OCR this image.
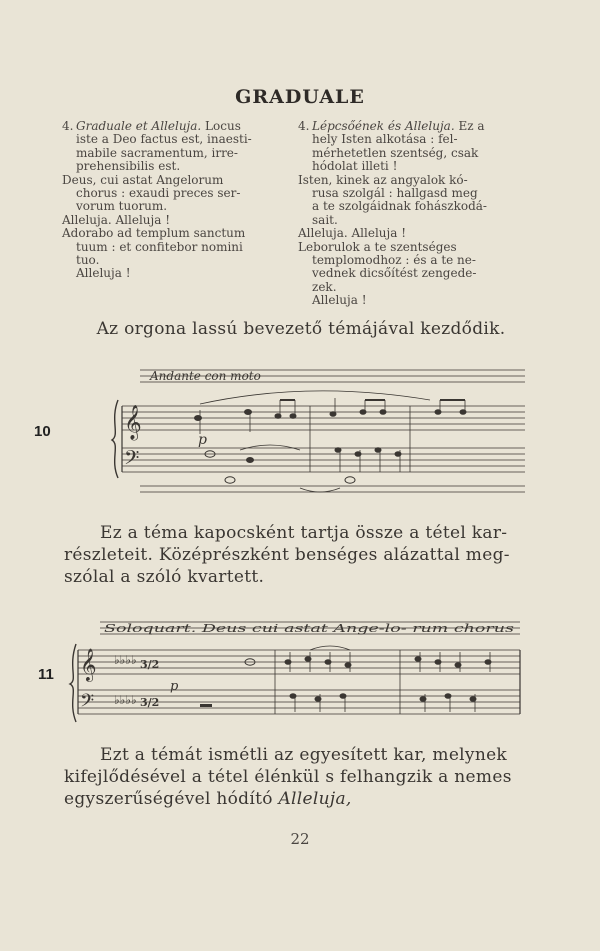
GRADUALE
4. Graduale et Alleluja. Locus
iste a Deo factus est, inaesti-
mabile sacramentum, irre-
prehensibilis est.
Deus, cui astat Angelorum
chorus : exaudi preces ser-
vorum tuorum.
Alleluja. Alleluja !
Adorabo ad templum sanctum
tuum : et confitebor nomini
tuo.
Alleluja !
4. Lépcsőének és Alleluja. Ez a
hely Isten alkotása : fel-
mérhetetlen szentség, csak
hódolat illeti !
Isten, kinek az angyalok kó-
rusa szolgál : hallgasd meg
a te szolgáidnak fohászkodá-
sait.
Alleluja. Alleluja !
Leborulok a te szentséges
templomodhoz : és a te ne-
vednek dicsőítést zengede-
zek.
Alleluja !
Az orgona lassú bevezető témájával kezdődik.
10 𝄞
𝄢
Andante con moto
p
Ez a téma kapocsként tartja össze a tétel kar-
részleteit. Középrészként benséges alázattal meg-
szólal a szóló kvartett.
11 𝄞
𝄢
♭♭♭♭
♭♭♭♭
3/2
3/2
Soloquart. Deus cui astat Ange-lo- rum chorus
p
Ezt a témát ismétli az egyesített kar, melynek
kifejlődésével a tétel élénkül s felhangzik a nemes
egyszerűségével hódító Alleluja,
22
